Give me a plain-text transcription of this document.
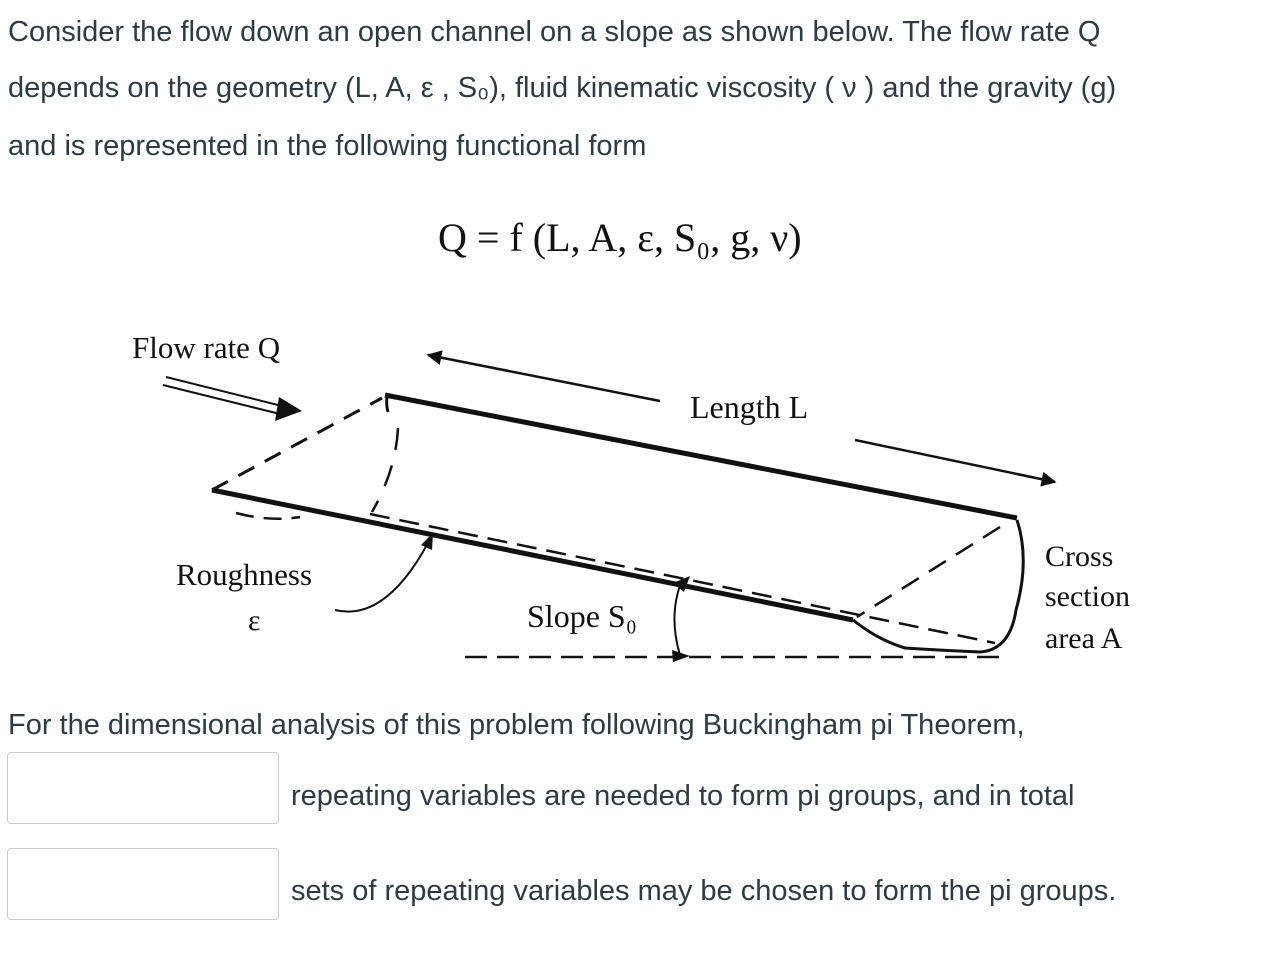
Consider the flow down an open channel on a slope as shown below. The flow rate Q
depends on the geometry (L, A, ε , S₀), fluid kinematic viscosity ( ν ) and the gravity (g)
and is represented in the following functional form
Q = f (L, A, ε, S₀, g, ν)
Flow rate Q
Length L
Slope S₀
Roughness
ε
Cross
section
area A
For the dimensional analysis of this problem following Buckingham pi Theorem,
repeating variables are needed to form pi groups, and in total
sets of repeating variables may be chosen to form the pi groups.
